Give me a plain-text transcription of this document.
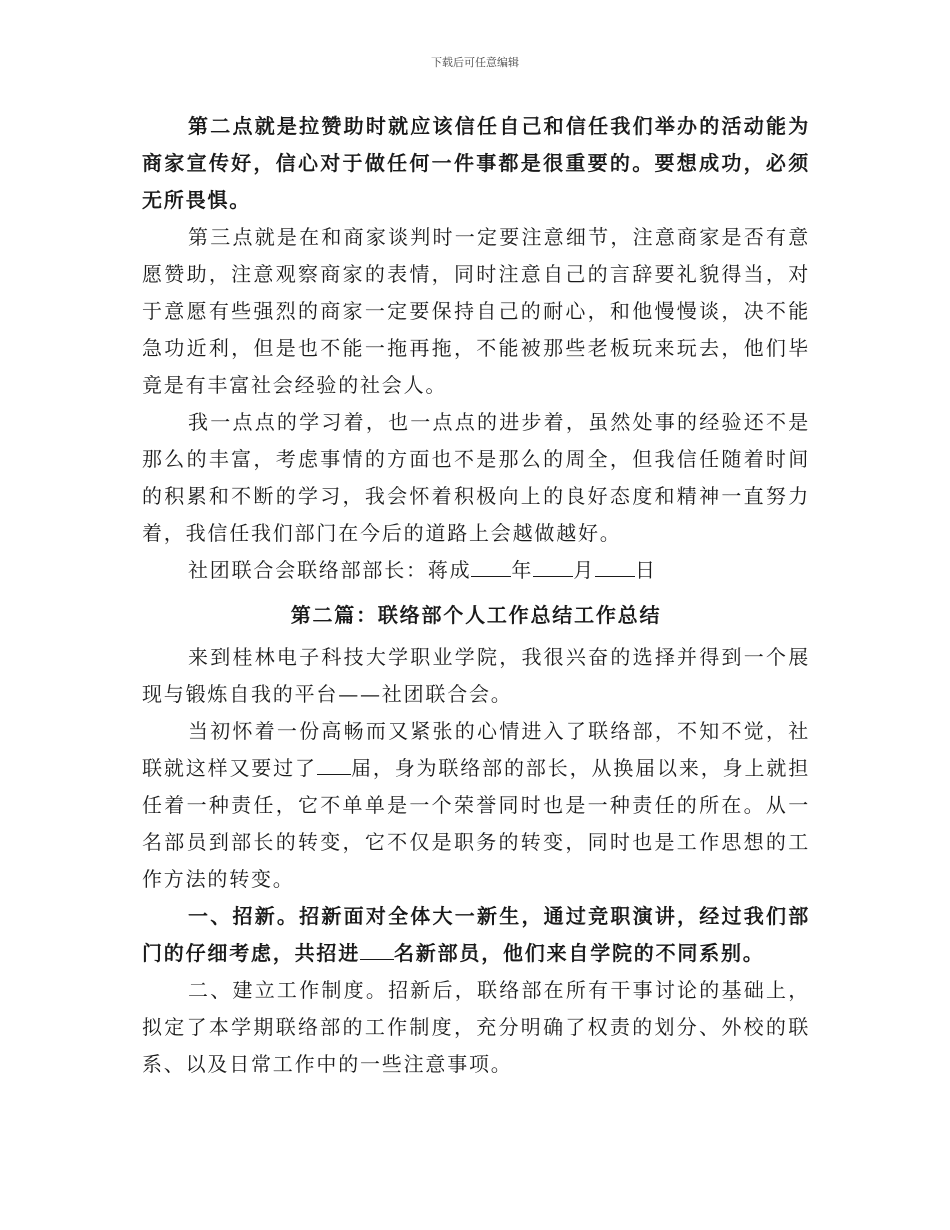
下载后可任意编辑

第二点就是拉赞助时就应该信任自己和信任我们举办的活动能为商家宣传好，信心对于做任何一件事都是很重要的。要想成功，必须无所畏惧。

第三点就是在和商家谈判时一定要注意细节，注意商家是否有意愿赞助，注意观察商家的表情，同时注意自己的言辞要礼貌得当，对于意愿有些强烈的商家一定要保持自己的耐心，和他慢慢谈，决不能急功近利，但是也不能一拖再拖，不能被那些老板玩来玩去，他们毕竟是有丰富社会经验的社会人。

我一点点的学习着，也一点点的进步着，虽然处事的经验还不是那么的丰富，考虑事情的方面也不是那么的周全，但我信任随着时间的积累和不断的学习，我会怀着积极向上的良好态度和精神一直努力着，我信任我们部门在今后的道路上会越做越好。

社团联合会联络部部长：蒋成 年 月 日

第二篇：联络部个人工作总结工作总结

来到桂林电子科技大学职业学院，我很兴奋的选择并得到一个展现与锻炼自我的平台——社团联合会。

当初怀着一份高畅而又紧张的心情进入了联络部，不知不觉，社联就这样又要过了 届，身为联络部的部长，从换届以来，身上就担任着一种责任，它不单单是一个荣誉同时也是一种责任的所在。从一名部员到部长的转变，它不仅是职务的转变，同时也是工作思想的工作方法的转变。

一、招新。招新面对全体大一新生，通过竞职演讲，经过我们部门的仔细考虑，共招进 名新部员，他们来自学院的不同系别。

二、建立工作制度。招新后，联络部在所有干事讨论的基础上，拟定了本学期联络部的工作制度，充分明确了权责的划分、外校的联系、以及日常工作中的一些注意事项。
